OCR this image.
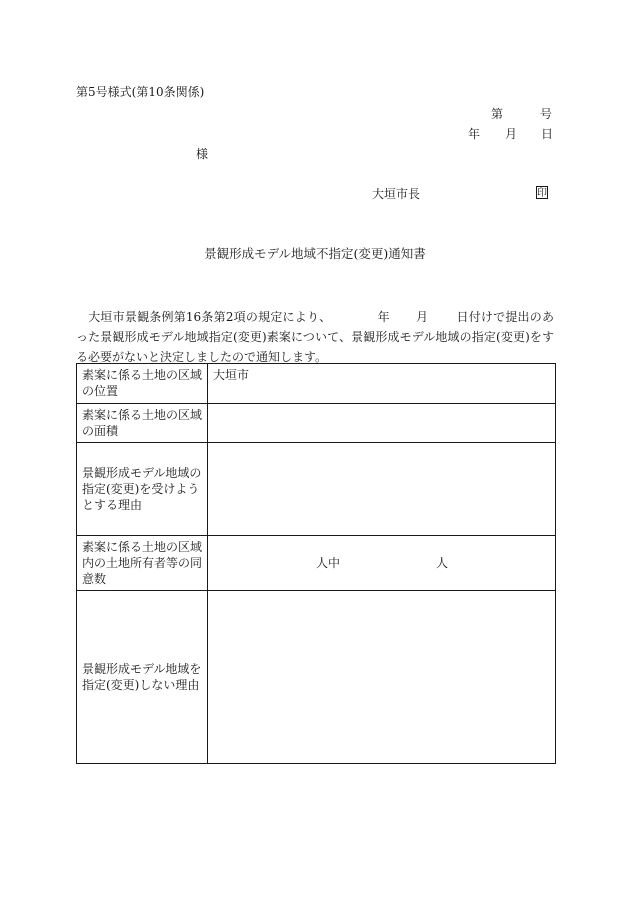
第5号様式(第10条関係)
第	号
年 月 日
様
大垣市長	印
景観形成モデル地域不指定(変更)通知書
大垣市景観条例第16条第2項の規定により、	年 月 日付けで提出のあった景観形成モデル地域指定(変更)素案について、景観形成モデル地域の指定(変更)をする必要がないと決定しましたので通知します。
素案に係る土地の区域の位置	大垣市
素案に係る土地の区域の面積	
景観形成モデル地域の指定(変更)を受けようとする理由	
素案に係る土地の区域内の土地所有者等の同意数	人中 人

景観形成モデル地域を指定(変更)しない理由	
